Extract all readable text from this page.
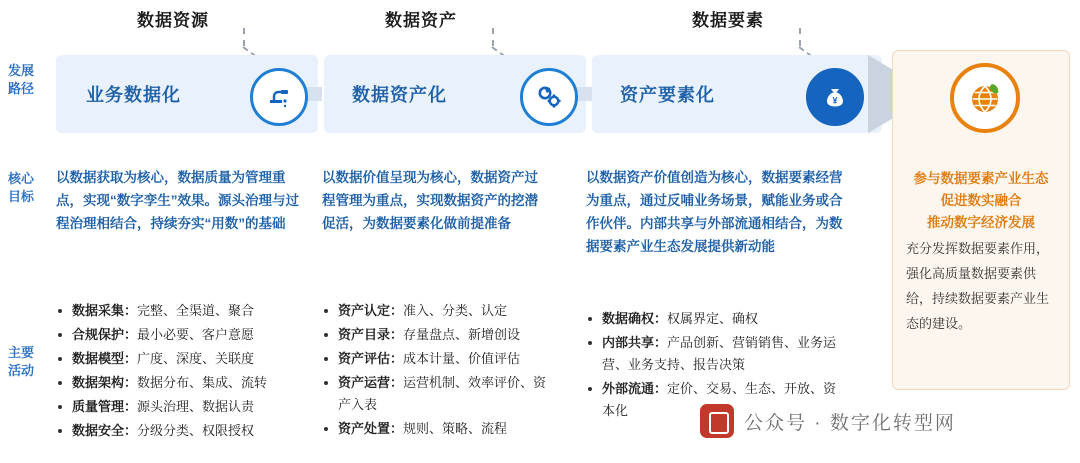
数据资源	数据资产	数据要素
发展
路径
核心
目标
主要
活动
业务数据化	数据资产化	资产要素化	¥
以数据获取为核心，数据质量为管理重点，实现“数字孪生”效果。源头治理与过程治理相结合，持续夯实“用数”的基础
以数据价值呈现为核心，数据资产过程管理为重点，实现数据资产的挖潜促活，为数据要素化做前提准备
以数据资产价值创造为核心，数据要素经营为重点，通过反哺业务场景，赋能业务或合作伙伴。内部共享与外部流通相结合，为数据要素产业生态发展提供新动能
数据采集：完整、全渠道、聚合
合规保护：最小必要、客户意愿
数据模型：广度、深度、关联度
数据架构：数据分布、集成、流转
质量管理：源头治理、数据认责
数据安全：分级分类、权限授权
资产认定：准入、分类、认定
资产目录：存量盘点、新增创设
资产评估：成本计量、价值评估
资产运营：运营机制、效率评价、资产入表
资产处置：规则、策略、流程
数据确权：权属界定、确权
内部共享：产品创新、营销销售、业务运营、业务支持、报告决策
外部流通：定价、交易、生态、开放、资本化
参与数据要素产业生态
促进数实融合
推动数字经济发展
充分发挥数据要素作用，强化高质量数据要素供给，持续数据要素产业生态的建设。
公众号 · 数字化转型网
